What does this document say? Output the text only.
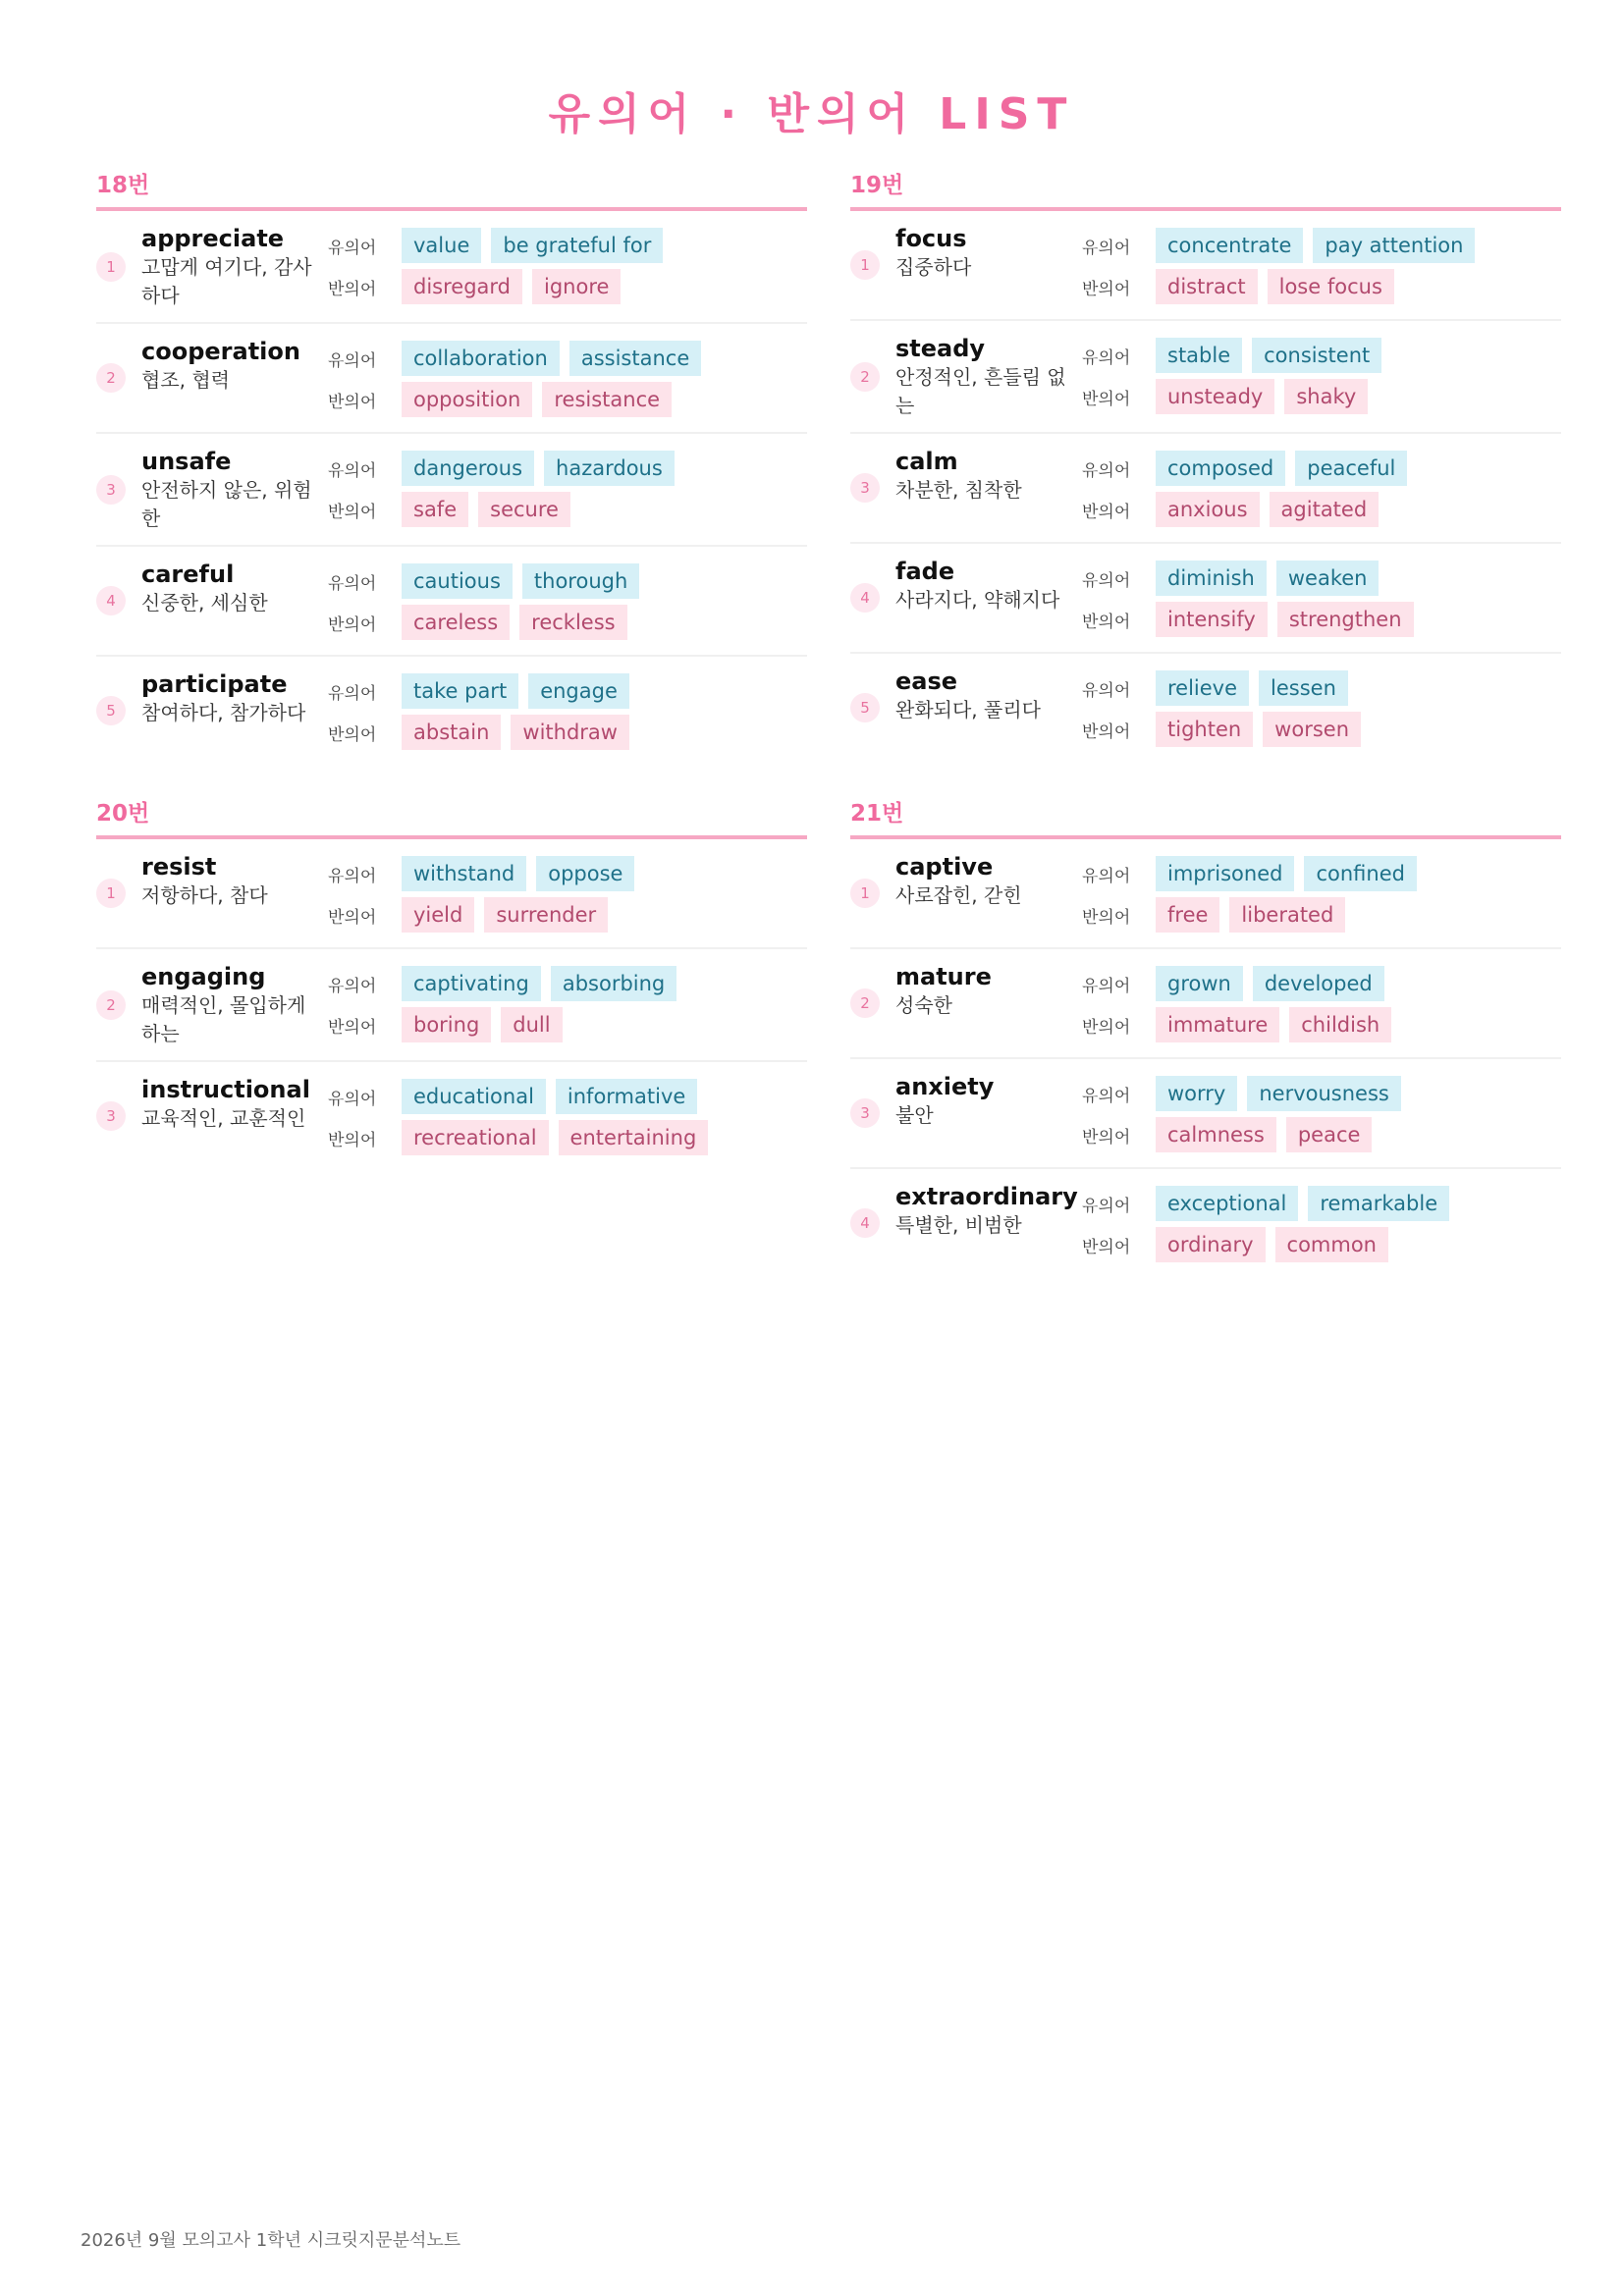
유의어 · 반의어 LIST
18번
1
appreciate
고맙게 여기다, 감사하다
유의어	value	be grateful for
반의어	disregard	ignore
2
cooperation
협조, 협력
유의어	collaboration	assistance
반의어	opposition	resistance
3
unsafe
안전하지 않은, 위험한
유의어	dangerous	hazardous
반의어	safe	secure
4
careful
신중한, 세심한
유의어	cautious	thorough
반의어	careless	reckless
5
participate
참여하다, 참가하다
유의어	take part	engage
반의어	abstain	withdraw
19번
1
focus
집중하다
유의어	concentrate	pay attention
반의어	distract	lose focus
2
steady
안정적인, 흔들림 없는
유의어	stable	consistent
반의어	unsteady	shaky
3
calm
차분한, 침착한
유의어	composed	peaceful
반의어	anxious	agitated
4
fade
사라지다, 약해지다
유의어	diminish	weaken
반의어	intensify	strengthen
5
ease
완화되다, 풀리다
유의어	relieve	lessen
반의어	tighten	worsen
20번
1
resist
저항하다, 참다
유의어	withstand	oppose
반의어	yield	surrender
2
engaging
매력적인, 몰입하게 하는
유의어	captivating	absorbing
반의어	boring	dull
3
instructional
교육적인, 교훈적인
유의어	educational	informative
반의어	recreational	entertaining
21번
1
captive
사로잡힌, 갇힌
유의어	imprisoned	confined
반의어	free	liberated
2
mature
성숙한
유의어	grown	developed
반의어	immature	childish
3
anxiety
불안
유의어	worry	nervousness
반의어	calmness	peace
4
extraordinary
특별한, 비범한
유의어	exceptional	remarkable
반의어	ordinary	common
2026년 9월 모의고사 1학년 시크릿지문분석노트
